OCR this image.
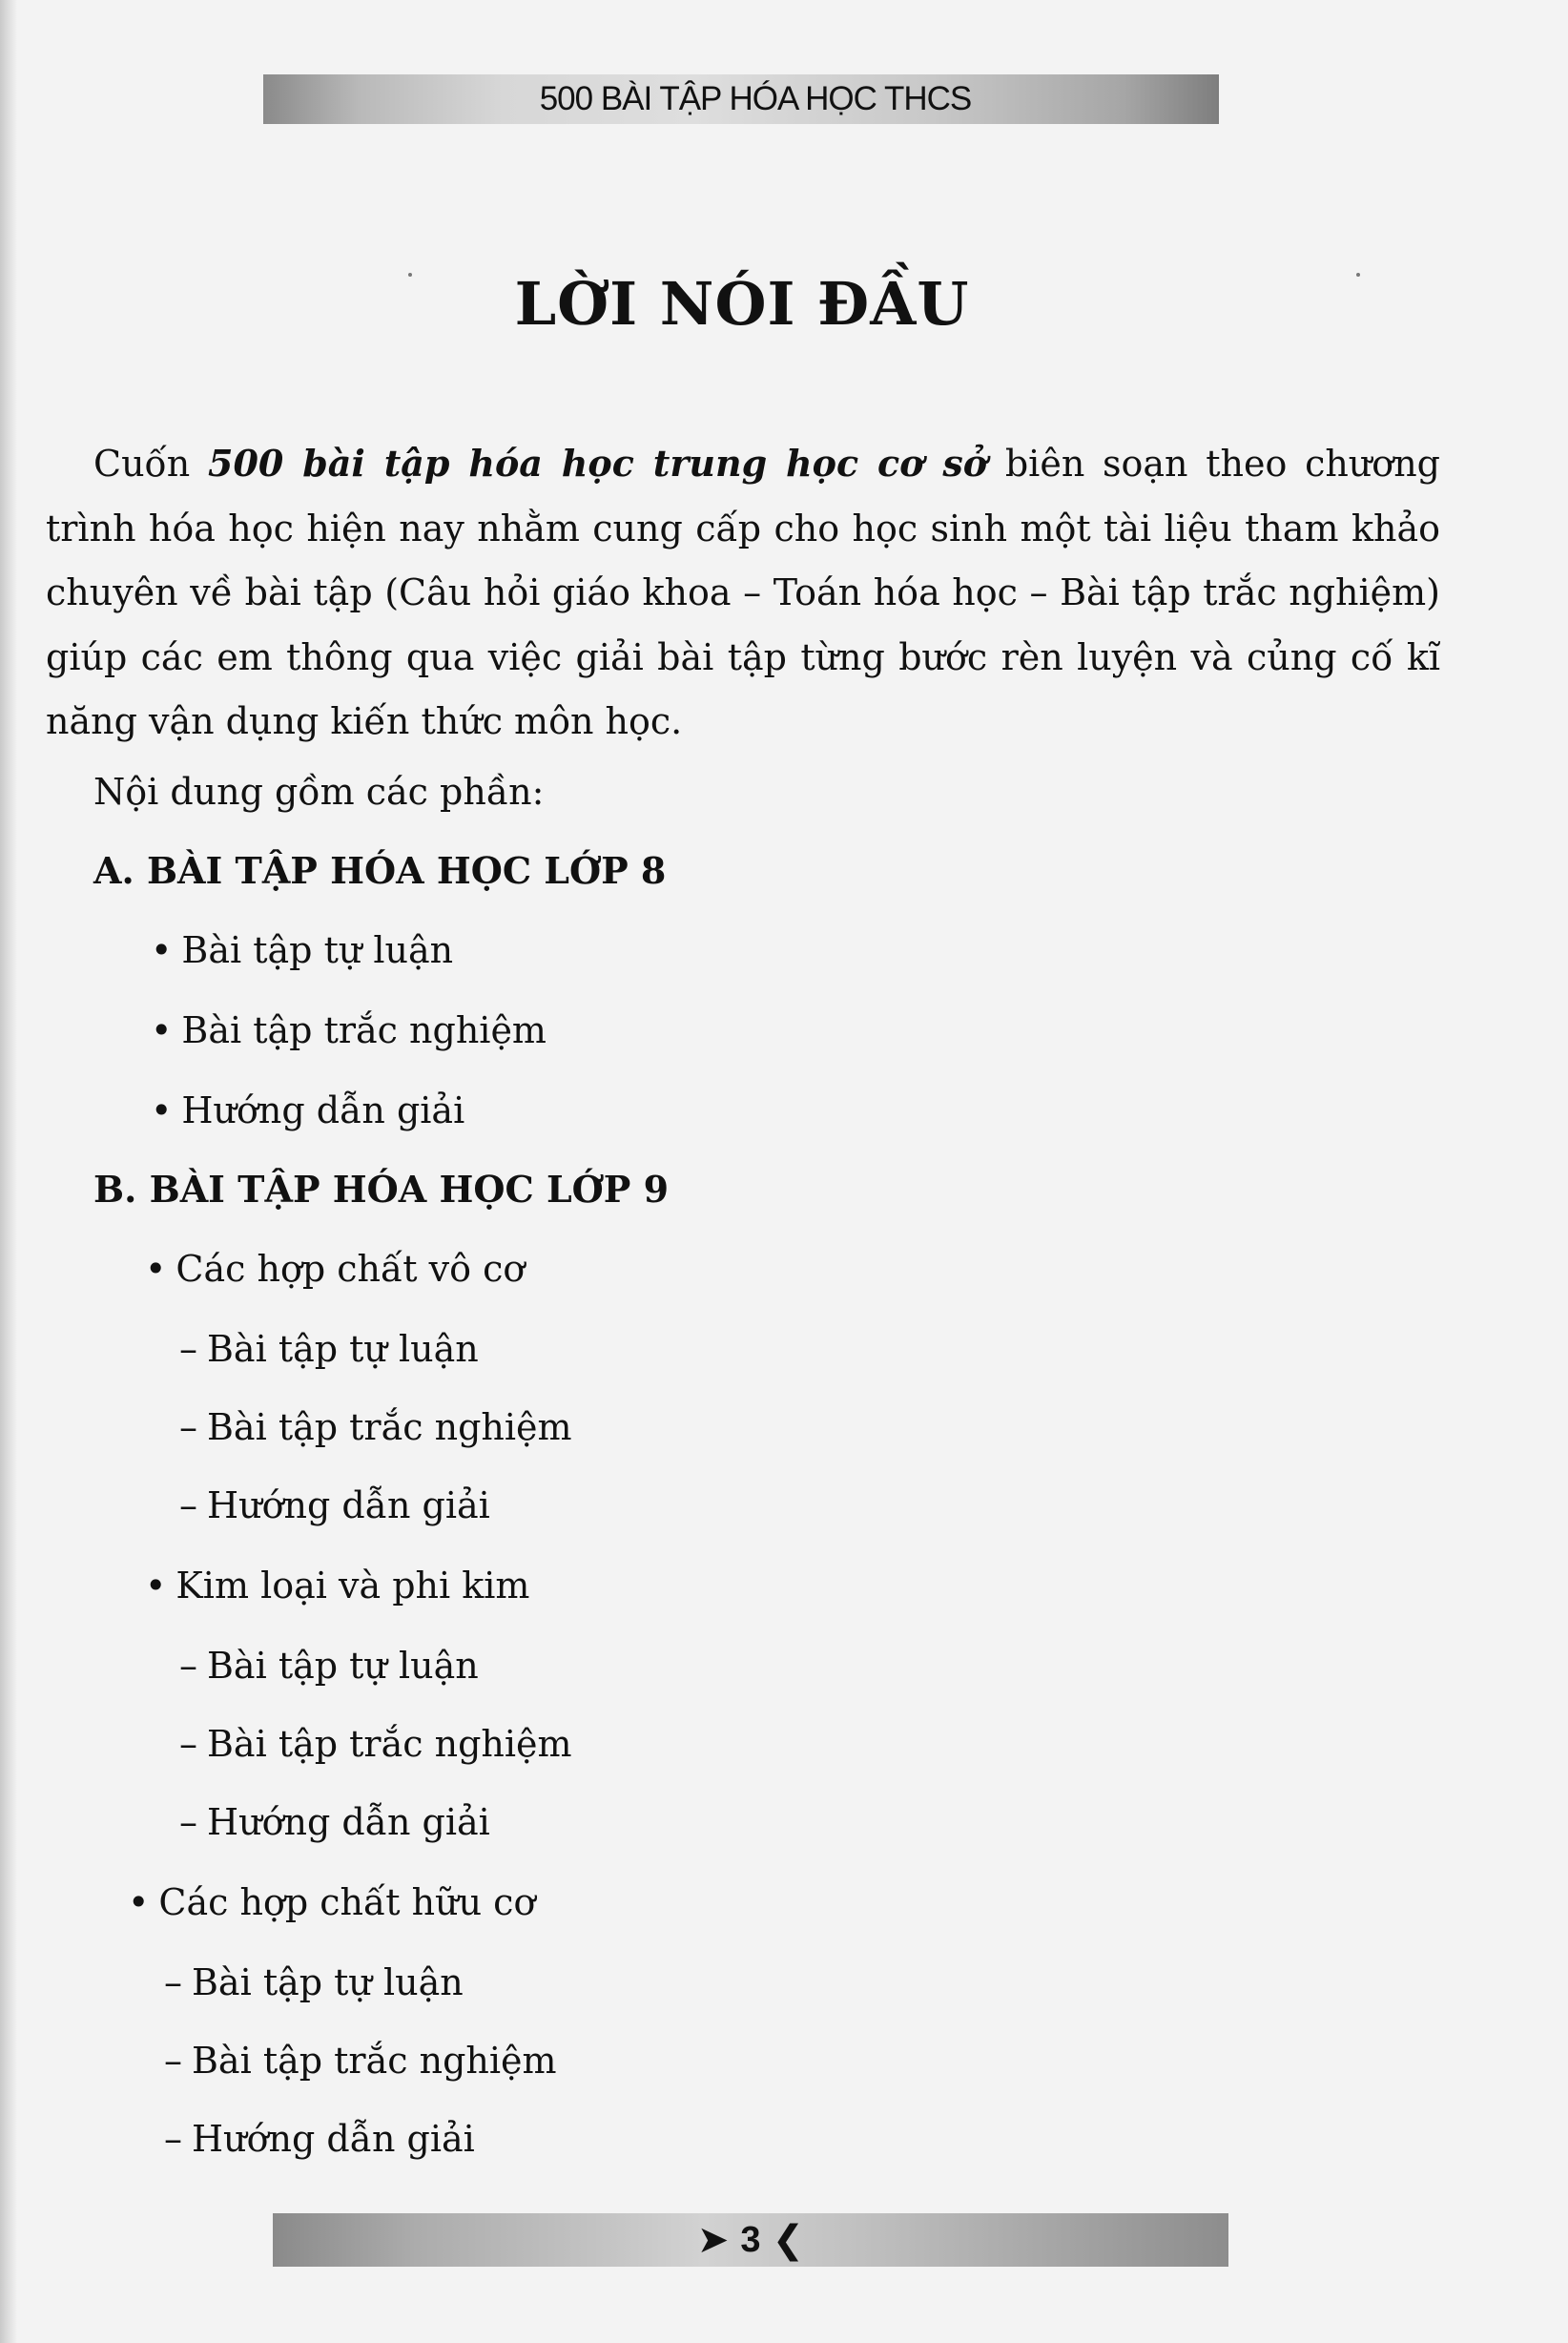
500 BÀI TẬP HÓA HỌC THCS
LỜI NÓI ĐẦU

Cuốn 500 bài tập hóa học trung học cơ sở biên soạn theo chương trình hóa học hiện nay nhằm cung cấp cho học sinh một tài liệu tham khảo chuyên về bài tập (Câu hỏi giáo khoa – Toán hóa học – Bài tập trắc nghiệm) giúp các em thông qua việc giải bài tập từng bước rèn luyện và củng cố kĩ năng vận dụng kiến thức môn học.

Nội dung gồm các phần:

A. BÀI TẬP HÓA HỌC LỚP 8

• Bài tập tự luận

• Bài tập trắc nghiệm

• Hướng dẫn giải

B. BÀI TẬP HÓA HỌC LỚP 9

• Các hợp chất vô cơ

– Bài tập tự luận

– Bài tập trắc nghiệm

– Hướng dẫn giải

• Kim loại và phi kim

– Bài tập tự luận

– Bài tập trắc nghiệm

– Hướng dẫn giải

• Các hợp chất hữu cơ

– Bài tập tự luận

– Bài tập trắc nghiệm

– Hướng dẫn giải

➤ 3 ❮
